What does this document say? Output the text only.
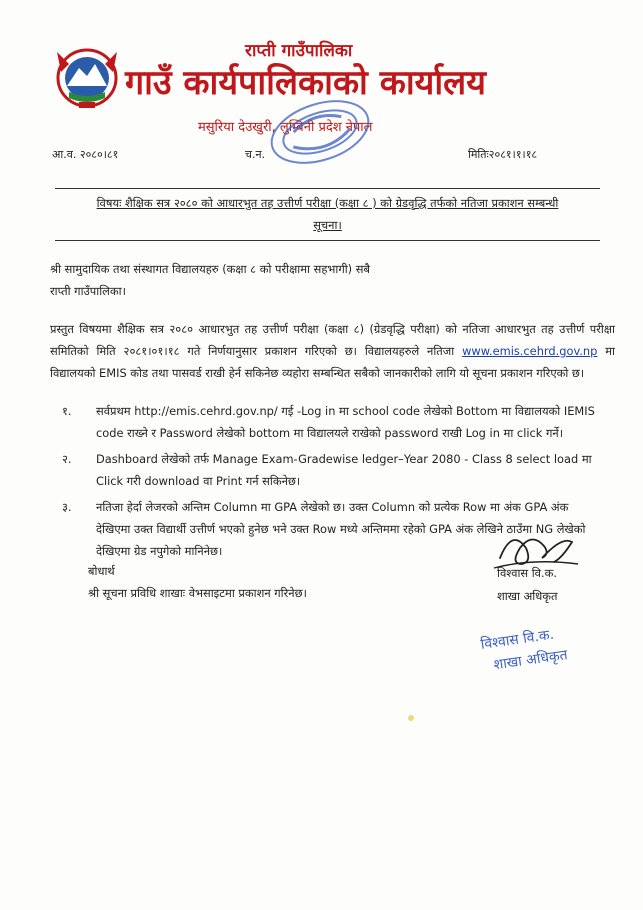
राप्ती गाउँपालिका
गाउँ कार्यपालिकाको कार्यालय
मसुरिया देउखुरी, लुम्बिनी प्रदेश नेपाल
आ.व. २०८०।८१	च.न.	मितिः२०८१।१।१८
विषयः शैक्षिक सत्र २०८० को आधारभुत तह उत्तीर्ण परीक्षा (कक्षा ८ ) को ग्रेडवृद्धि तर्फको नतिजा प्रकाशन सम्बन्धी
सूचना।
श्री सामुदायिक तथा संस्थागत विद्यालयहरु (कक्षा ८ को परीक्षामा सहभागी) सबै
राप्ती गाउँपालिका।
प्रस्तुत विषयमा शैक्षिक सत्र २०८० आधारभुत तह उत्तीर्ण परीक्षा (कक्षा ८) (ग्रेडवृद्धि परीक्षा) को नतिजा आधारभुत तह उत्तीर्ण परीक्षा समितिको मिति २०८१।०१।१८ गते निर्णयानुसार प्रकाशन गरिएको छ। विद्यालयहरुले नतिजा www.emis.cehrd.gov.np मा विद्यालयको EMIS कोड तथा पासवर्ड राखी हेर्न सकिनेछ व्यहोरा सम्बन्धित सबैको जानकारीको लागि यो सूचना प्रकाशन गरिएको छ।
१.	सर्वप्रथम http://emis.cehrd.gov.np/ गई -Log in मा school code लेखेको Bottom मा विद्यालयको IEMIS code राख्ने र Password लेखेको bottom मा विद्यालयले राखेको password राखी Log in मा click गर्ने।
२.	Dashboard लेखेको तर्फ Manage Exam-Gradewise ledger–Year 2080 - Class 8 select load मा Click गरी download वा Print गर्न सकिनेछ।
३.	नतिजा हेर्दा लेजरको अन्तिम Column मा GPA लेखेको छ। उक्त Column को प्रत्येक Row मा अंक GPA अंक देखिएमा उक्त विद्यार्थी उत्तीर्ण भएको हुनेछ भने उक्त Row मध्ये अन्तिममा रहेको GPA अंक लेखिने ठाउँमा NG लेखेको देखिएमा ग्रेड नपुगेको मानिनेछ।
बोधार्थ
श्री सूचना प्रविधि शाखाः वेभसाइटमा प्रकाशन गरिनेछ।
विश्वास वि.क.
शाखा अधिकृत
विश्वास वि.क.
शाखा अधिकृत
